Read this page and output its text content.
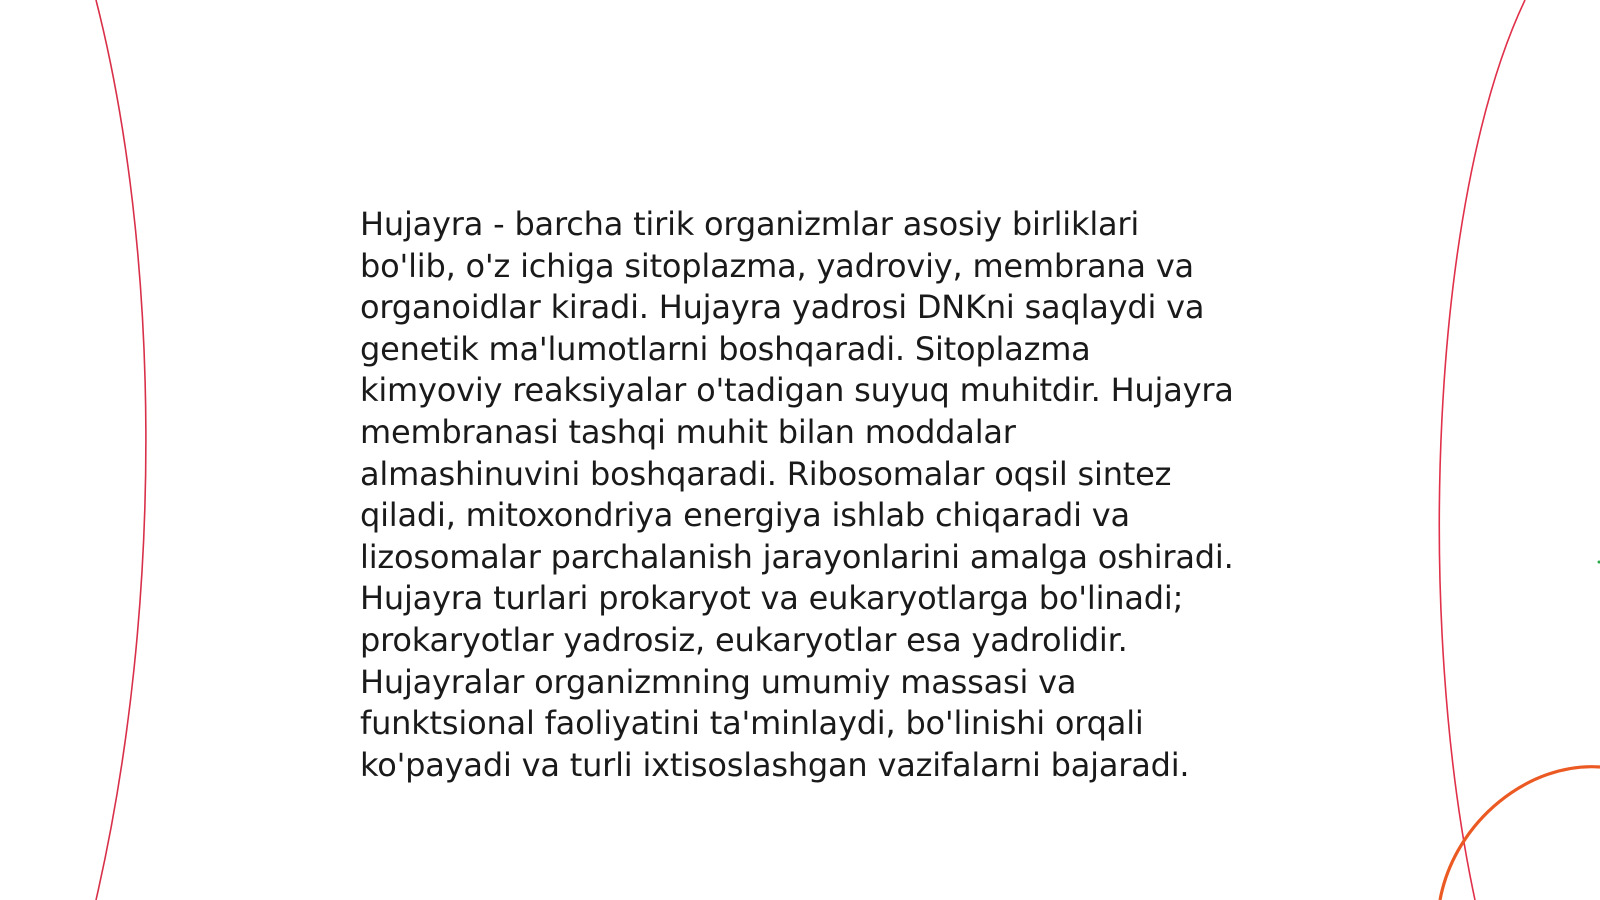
Hujayra - barcha tirik organizmlar asosiy birliklari bo'lib, o'z ichiga sitoplazma, yadroviy, membrana va organoidlar kiradi. Hujayra yadrosi DNKni saqlaydi va genetik ma'lumotlarni boshqaradi. Sitoplazma kimyoviy reaksiyalar o'tadigan suyuq muhitdir. Hujayra membranasi tashqi muhit bilan moddalar almashinuvini boshqaradi. Ribosomalar oqsil sintez qiladi, mitoxondriya energiya ishlab chiqaradi va lizosomalar parchalanish jarayonlarini amalga oshiradi. Hujayra turlari prokaryot va eukaryotlarga bo'linadi; prokaryotlar yadrosiz, eukaryotlar esa yadrolidir. Hujayralar organizmning umumiy massasi va funktsional faoliyatini ta'minlaydi, bo'linishi orqali ko'payadi va turli ixtisoslashgan vazifalarni bajaradi.
